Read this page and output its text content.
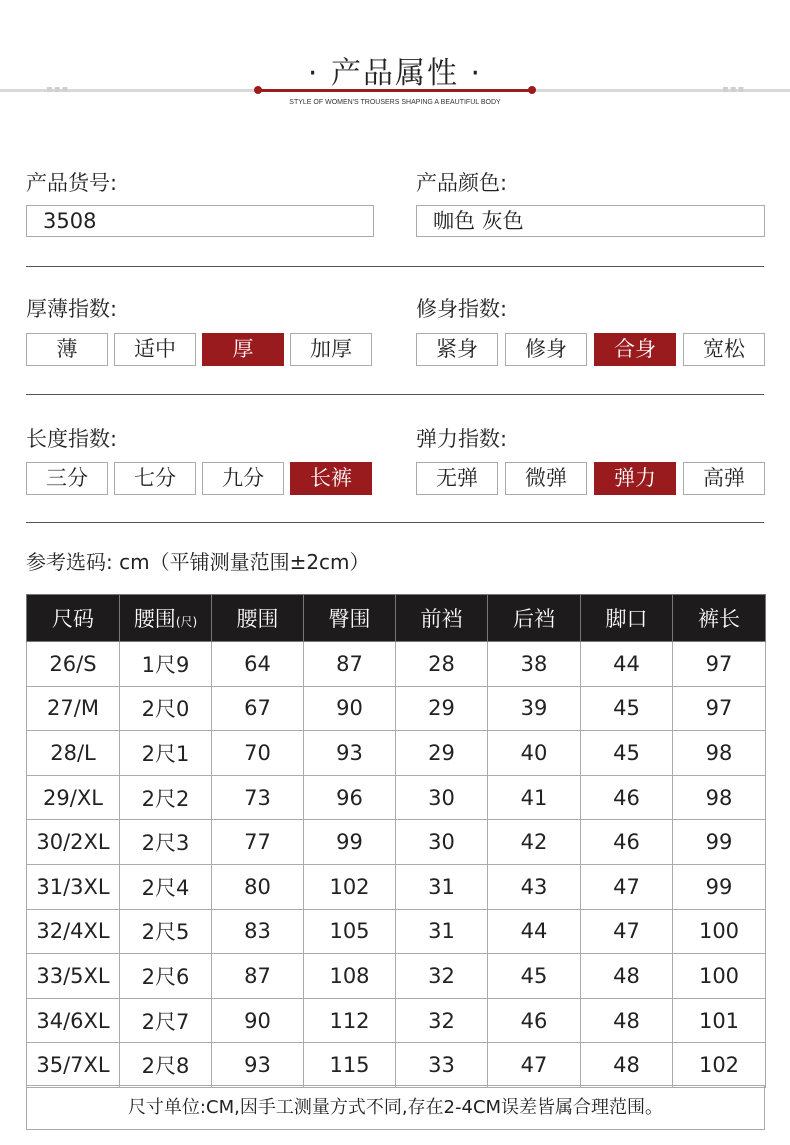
▪▪▪	▪▪▪
· 产品属性 ·
STYLE OF WOMEN'S TROUSERS SHAPING A BEAUTIFUL BODY
产品货号:
3508
产品颜色:
咖色 灰色
厚薄指数:	修身指数:
薄	适中	厚	加厚	紧身	修身	合身	宽松
长度指数:	弹力指数:
三分	七分	九分	长裤	无弹	微弹	弹力	高弹
参考选码: cm（平铺测量范围±2cm）
尺码	腰围(尺)	腰围	臀围	前裆	后裆	脚口	裤长
26/S	1尺9	64	87	28	38	44	97
27/M	2尺0	67	90	29	39	45	97
28/L	2尺1	70	93	29	40	45	98
29/XL	2尺2	73	96	30	41	46	98
30/2XL	2尺3	77	99	30	42	46	99
31/3XL	2尺4	80	102	31	43	47	99
32/4XL	2尺5	83	105	31	44	47	100
33/5XL	2尺6	87	108	32	45	48	100
34/6XL	2尺7	90	112	32	46	48	101
35/7XL	2尺8	93	115	33	47	48	102
尺寸单位:CM,因手工测量方式不同,存在2-4CM误差皆属合理范围。
